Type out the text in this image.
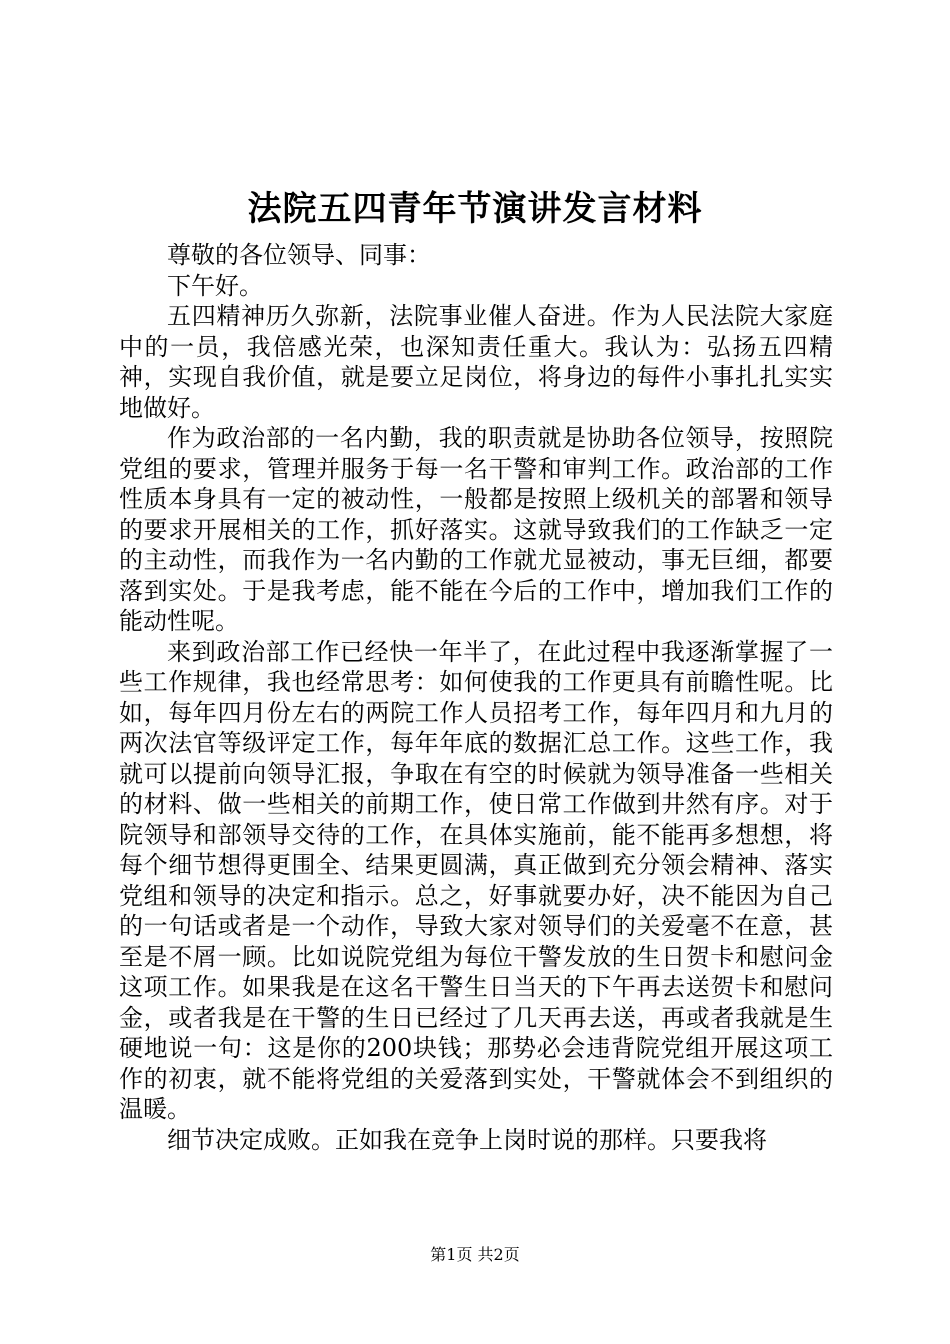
法院五四青年节演讲发言材料

尊敬的各位领导、同事：

下午好。

五四精神历久弥新，法院事业催人奋进。作为人民法院大家庭中的一员，我倍感光荣，也深知责任重大。我认为：弘扬五四精神，实现自我价值，就是要立足岗位，将身边的每件小事扎扎实实地做好。

作为政治部的一名内勤，我的职责就是协助各位领导，按照院党组的要求，管理并服务于每一名干警和审判工作。政治部的工作性质本身具有一定的被动性，一般都是按照上级机关的部署和领导的要求开展相关的工作，抓好落实。这就导致我们的工作缺乏一定的主动性，而我作为一名内勤的工作就尤显被动，事无巨细，都要落到实处。于是我考虑，能不能在今后的工作中，增加我们工作的能动性呢。

来到政治部工作已经快一年半了，在此过程中我逐渐掌握了一些工作规律，我也经常思考：如何使我的工作更具有前瞻性呢。比如，每年四月份左右的两院工作人员招考工作，每年四月和九月的两次法官等级评定工作，每年年底的数据汇总工作。这些工作，我就可以提前向领导汇报，争取在有空的时候就为领导准备一些相关的材料、做一些相关的前期工作，使日常工作做到井然有序。对于院领导和部领导交待的工作，在具体实施前，能不能再多想想，将每个细节想得更围全、结果更圆满，真正做到充分领会精神、落实党组和领导的决定和指示。总之，好事就要办好，决不能因为自己的一句话或者是一个动作，导致大家对领导们的关爱毫不在意，甚至是不屑一顾。比如说院党组为每位干警发放的生日贺卡和慰问金这项工作。如果我是在这名干警生日当天的下午再去送贺卡和慰问金，或者我是在干警的生日已经过了几天再去送，再或者我就是生硬地说一句：这是你的200块钱；那势必会违背院党组开展这项工作的初衷，就不能将党组的关爱落到实处，干警就体会不到组织的温暖。

细节决定成败。正如我在竞争上岗时说的那样。只要我将

第1页 共2页
